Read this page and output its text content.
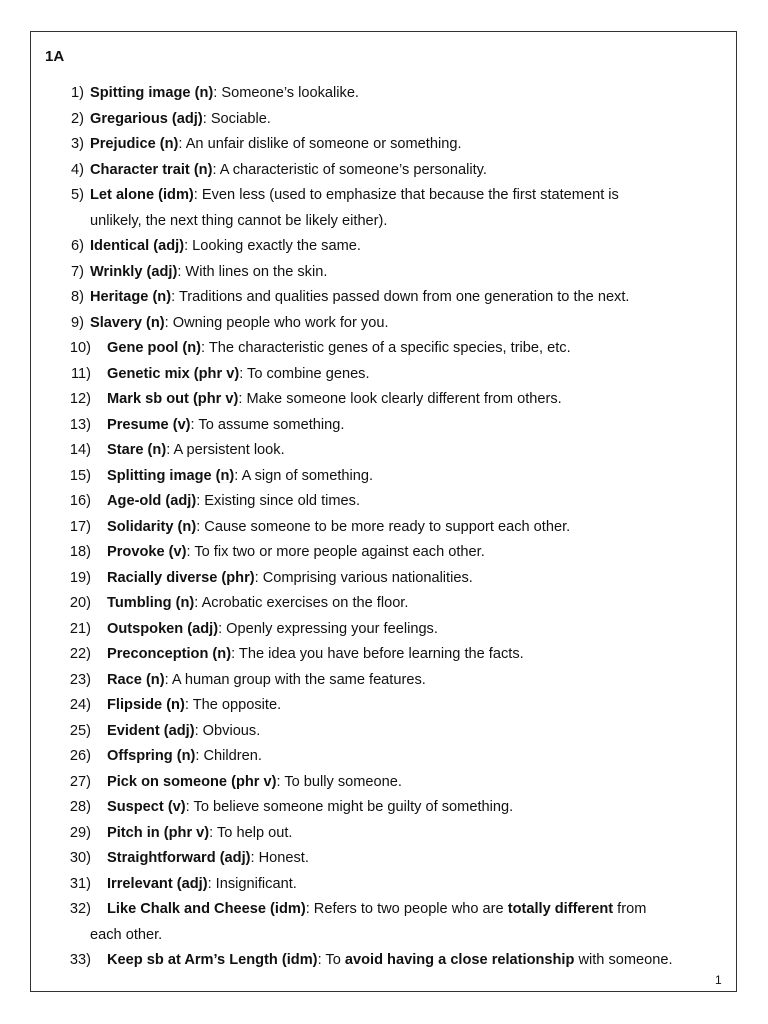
1A
1) Spitting image (n): Someone’s lookalike.
2) Gregarious (adj): Sociable.
3) Prejudice (n): An unfair dislike of someone or something.
4) Character trait (n): A characteristic of someone’s personality.
5) Let alone (idm): Even less (used to emphasize that because the first statement is
unlikely, the next thing cannot be likely either).
6) Identical (adj): Looking exactly the same.
7) Wrinkly (adj): With lines on the skin.
8) Heritage (n): Traditions and qualities passed down from one generation to the next.
9) Slavery (n): Owning people who work for you.
10) Gene pool (n): The characteristic genes of a specific species, tribe, etc.
11) Genetic mix (phr v): To combine genes.
12) Mark sb out (phr v): Make someone look clearly different from others.
13) Presume (v): To assume something.
14) Stare (n): A persistent look.
15) Splitting image (n): A sign of something.
16) Age-old (adj): Existing since old times.
17) Solidarity (n): Cause someone to be more ready to support each other.
18) Provoke (v): To fix two or more people against each other.
19) Racially diverse (phr): Comprising various nationalities.
20) Tumbling (n): Acrobatic exercises on the floor.
21) Outspoken (adj): Openly expressing your feelings.
22) Preconception (n): The idea you have before learning the facts.
23) Race (n): A human group with the same features.
24) Flipside (n): The opposite.
25) Evident (adj): Obvious.
26) Offspring (n): Children.
27) Pick on someone (phr v): To bully someone.
28) Suspect (v): To believe someone might be guilty of something.
29) Pitch in (phr v): To help out.
30) Straightforward (adj): Honest.
31) Irrelevant (adj): Insignificant.
32) Like Chalk and Cheese (idm): Refers to two people who are totally different from
each other.
33) Keep sb at Arm’s Length (idm): To avoid having a close relationship with someone.
1
